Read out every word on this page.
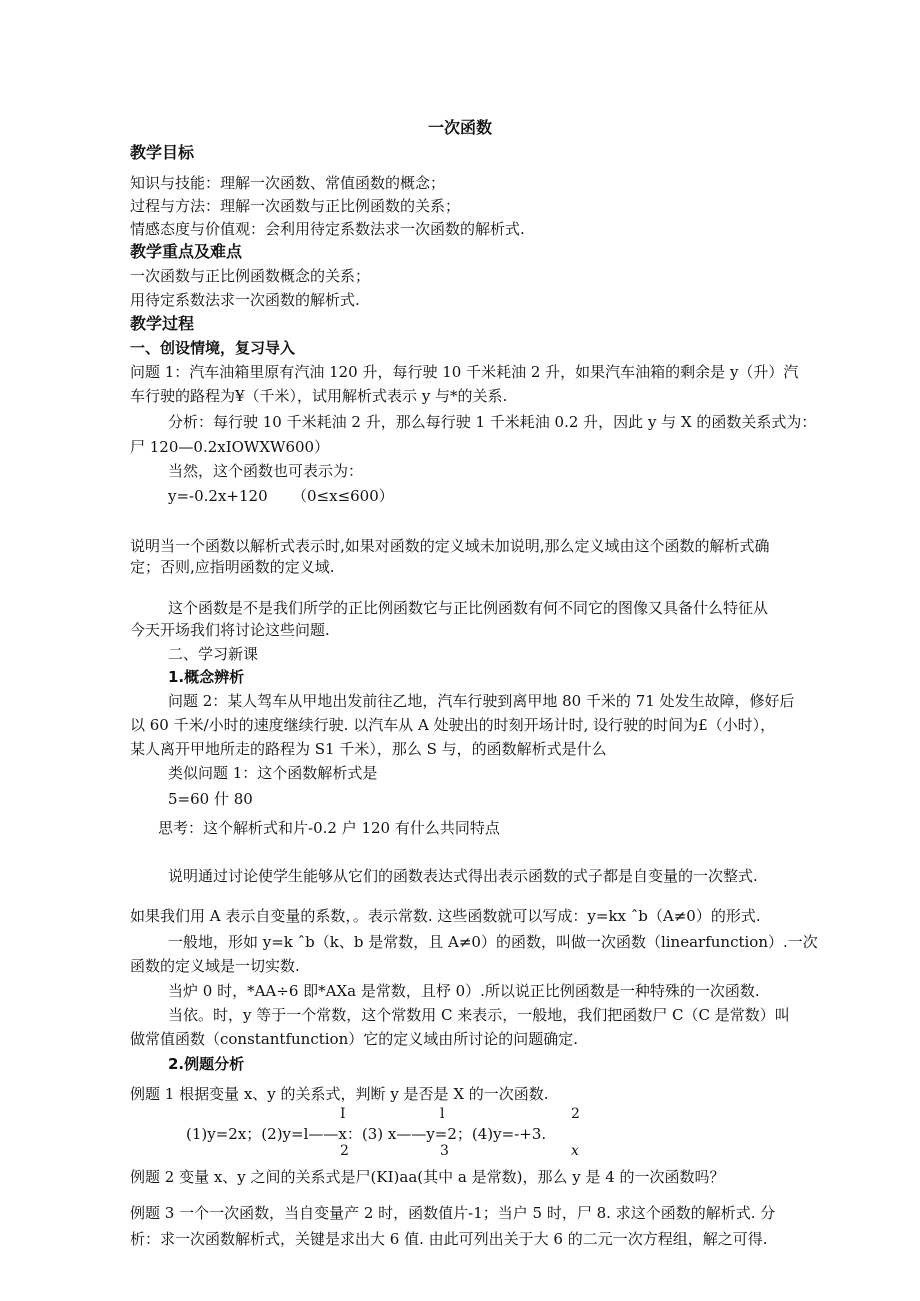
一次函数
教学目标
知识与技能：理解一次函数、常值函数的概念；
过程与方法：理解一次函数与正比例函数的关系；
情感态度与价值观：会利用待定系数法求一次函数的解析式.
教学重点及难点
一次函数与正比例函数概念的关系；
用待定系数法求一次函数的解析式.
教学过程
一、创设情境，复习导入
问题 1：汽车油箱里原有汽油 120 升，每行驶 10 千米耗油 2 升，如果汽车油箱的剩余是 y（升）汽
车行驶的路程为¥（千米），试用解析式表示 y 与*的关系.
分析：每行驶 10 千米耗油 2 升，那么每行驶 1 千米耗油 0.2 升，因此 y 与 X 的函数关系式为：
尸 120—0.2xIOWXW600）
当然，这个函数也可表示为：
y=-0.2x+120 （0≤x≤600）
说明当一个函数以解析式表示时,如果对函数的定义域未加说明,那么定义域由这个函数的解析式确
定；否则,应指明函数的定义域.
这个函数是不是我们所学的正比例函数它与正比例函数有何不同它的图像又具备什么特征从
今天开场我们将讨论这些问题.
二、学习新课
1.概念辨析
问题 2：某人驾车从甲地出发前往乙地，汽车行驶到离甲地 80 千米的 71 处发生故障，修好后
以 60 千米/小时的速度继续行驶. 以汽车从 A 处驶出的时刻开场计时, 设行驶的时间为£（小时），
某人离开甲地所走的路程为 S1 千米），那么 S 与，的函数解析式是什么
类似问题 1：这个函数解析式是
5=60 什 80
思考：这个解析式和片-0.2 户 120 有什么共同特点
说明通过讨论使学生能够从它们的函数表达式得出表示函数的式子都是自变量的一次整式.
如果我们用 A 表示自变量的系数，。表示常数. 这些函数就可以写成：y=kx ˆb（A≠0）的形式.
一般地，形如 y=k ˆb（k、b 是常数，且 A≠0）的函数，叫做一次函数（linearfunction）.一次
函数的定义域是一切实数.
当炉 0 时，*AA÷6 即*AXa 是常数，且杼 0）.所以说正比例函数是一种特殊的一次函数.
当依。时，y 等于一个常数，这个常数用 C 来表示，一般地，我们把函数尸 C（C 是常数）叫
做常值函数（constantfunction）它的定义域由所讨论的问题确定.
2.例题分析
例题 1 根据变量 x、y 的关系式，判断 y 是否是 X 的一次函数.
I	l	2
(1)y=2x；(2)y=l——x：(3) x——y=2；(4)y=-+3.
2	3	x
例题 2 变量 x、y 之间的关系式是尸(KI)aa(其中 a 是常数)，那么 y 是 4 的一次函数吗？
例题 3 一个一次函数，当自变量产 2 时，函数值片-1；当户 5 时，尸 8. 求这个函数的解析式. 分
析：求一次函数解析式，关键是求出大 6 值. 由此可列出关于大 6 的二元一次方程组，解之可得.
